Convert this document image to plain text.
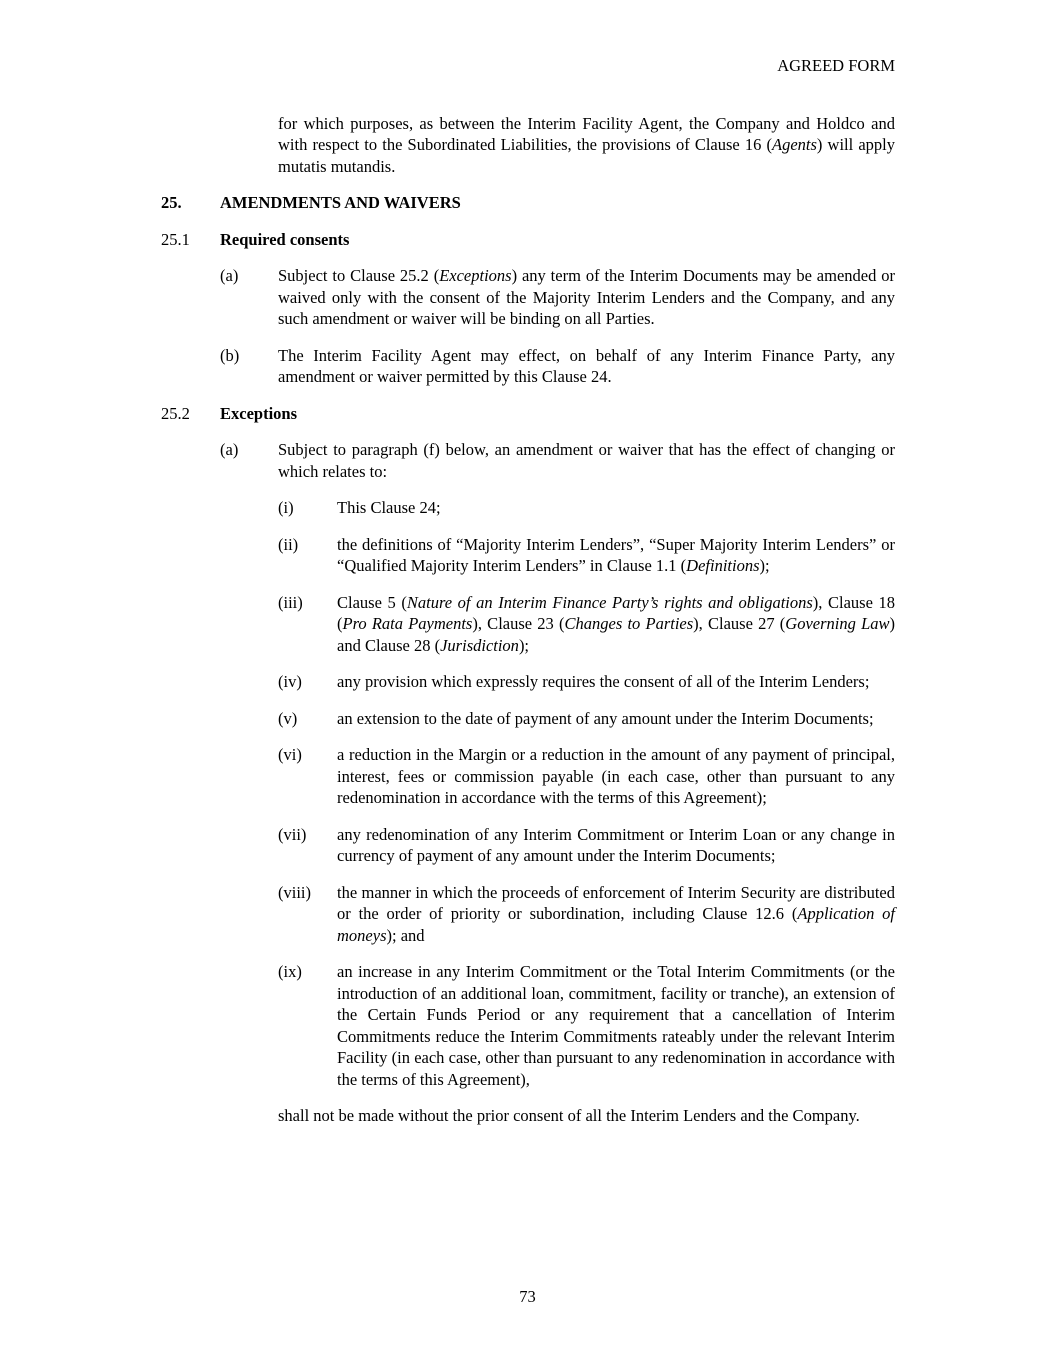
AGREED FORM
for which purposes, as between the Interim Facility Agent, the Company and Holdco and with respect to the Subordinated Liabilities, the provisions of Clause 16 (Agents) will apply mutatis mutandis.
25.	AMENDMENTS AND WAIVERS
25.1	Required consents
(a)	Subject to Clause 25.2 (Exceptions) any term of the Interim Documents may be amended or waived only with the consent of the Majority Interim Lenders and the Company, and any such amendment or waiver will be binding on all Parties.
(b)	The Interim Facility Agent may effect, on behalf of any Interim Finance Party, any amendment or waiver permitted by this Clause 24.
25.2	Exceptions
(a)	Subject to paragraph (f) below, an amendment or waiver that has the effect of changing or which relates to:
(i)	This Clause 24;
(ii)	the definitions of “Majority Interim Lenders”, “Super Majority Interim Lenders” or “Qualified Majority Interim Lenders” in Clause 1.1 (Definitions);
(iii)	Clause 5 (Nature of an Interim Finance Party’s rights and obligations), Clause 18 (Pro Rata Payments), Clause 23 (Changes to Parties), Clause 27 (Governing Law) and Clause 28 (Jurisdiction);
(iv)	any provision which expressly requires the consent of all of the Interim Lenders;
(v)	an extension to the date of payment of any amount under the Interim Documents;
(vi)	a reduction in the Margin or a reduction in the amount of any payment of principal, interest, fees or commission payable (in each case, other than pursuant to any redenomination in accordance with the terms of this Agreement);
(vii)	any redenomination of any Interim Commitment or Interim Loan or any change in currency of payment of any amount under the Interim Documents;
(viii)	the manner in which the proceeds of enforcement of Interim Security are distributed or the order of priority or subordination, including Clause 12.6 (Application of moneys); and
(ix)	an increase in any Interim Commitment or the Total Interim Commitments (or the introduction of an additional loan, commitment, facility or tranche), an extension of the Certain Funds Period or any requirement that a cancellation of Interim Commitments reduce the Interim Commitments rateably under the relevant Interim Facility (in each case, other than pursuant to any redenomination in accordance with the terms of this Agreement),
shall not be made without the prior consent of all the Interim Lenders and the Company.
73
